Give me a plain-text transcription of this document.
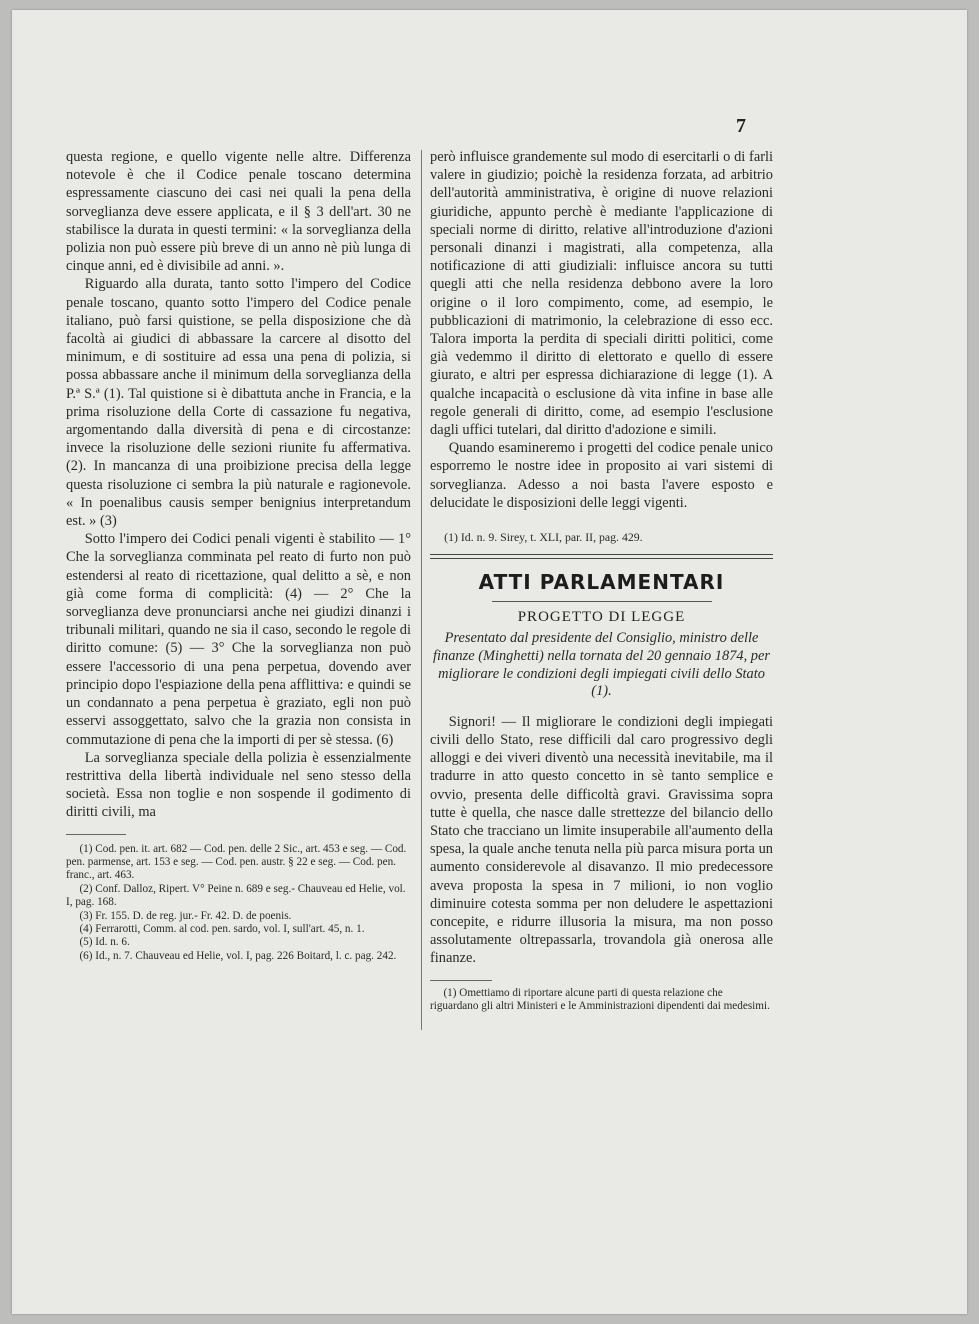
7

questa regione, e quello vigente nelle altre. Differenza notevole è che il Codice penale toscano determina espressamente ciascuno dei casi nei quali la pena della sorveglianza deve essere applicata, e il § 3 dell'art. 30 ne stabilisce la durata in questi termini: « la sorveglianza della polizia non può essere più breve di un anno nè più lunga di cinque anni, ed è divisibile ad anni. ».

Riguardo alla durata, tanto sotto l'impero del Codice penale toscano, quanto sotto l'impero del Codice penale italiano, può farsi quistione, se pella disposizione che dà facoltà ai giudici di abbassare la carcere al disotto del minimum, e di sostituire ad essa una pena di polizia, si possa abbassare anche il minimum della sorveglianza della P.ª S.ª (1). Tal quistione si è dibattuta anche in Francia, e la prima risoluzione della Corte di cassazione fu negativa, argomentando dalla diversità di pena e di circostanze: invece la risoluzione delle sezioni riunite fu affermativa. (2). In mancanza di una proibizione precisa della legge questa risoluzione ci sembra la più naturale e ragionevole. « In poenalibus causis semper benignius interpretandum est. » (3)

Sotto l'impero dei Codici penali vigenti è stabilito — 1° Che la sorveglianza comminata pel reato di furto non può estendersi al reato di ricettazione, qual delitto a sè, e non già come forma di complicità: (4) — 2° Che la sorveglianza deve pronunciarsi anche nei giudizi dinanzi i tribunali militari, quando ne sia il caso, secondo le regole di diritto comune: (5) — 3° Che la sorveglianza non può essere l'accessorio di una pena perpetua, dovendo aver principio dopo l'espiazione della pena afflittiva: e quindi se un condannato a pena perpetua è graziato, egli non può esservi assoggettato, salvo che la grazia non consista in commutazione di pena che la importi di per sè stessa. (6)

La sorveglianza speciale della polizia è essenzialmente restrittiva della libertà individuale nel seno stesso della società. Essa non toglie e non sospende il godimento di diritti civili, ma

(1) Cod. pen. it. art. 682 — Cod. pen. delle 2 Sic., art. 453 e seg. — Cod. pen. parmense, art. 153 e seg. — Cod. pen. austr. § 22 e seg. — Cod. pen. franc., art. 463.

(2) Conf. Dalloz, Ripert. V° Peine n. 689 e seg.- Chauveau ed Helie, vol. I, pag. 168.

(3) Fr. 155. D. de reg. jur.- Fr. 42. D. de poenis.

(4) Ferrarotti, Comm. al cod. pen. sardo, vol. I, sull'art. 45, n. 1.

(5) Id. n. 6.

(6) Id., n. 7. Chauveau ed Helie, vol. I, pag. 226 Boitard, l. c. pag. 242.

però influisce grandemente sul modo di esercitarli o di farli valere in giudizio; poichè la residenza forzata, ad arbitrio dell'autorità amministrativa, è origine di nuove relazioni giuridiche, appunto perchè è mediante l'applicazione di speciali norme di diritto, relative all'introduzione d'azioni personali dinanzi i magistrati, alla competenza, alla notificazione di atti giudiziali: influisce ancora su tutti quegli atti che nella residenza debbono avere la loro origine o il loro compimento, come, ad esempio, le pubblicazioni di matrimonio, la celebrazione di esso ecc. Talora importa la perdita di speciali diritti politici, come già vedemmo il diritto di elettorato e quello di essere giurato, e altri per espressa dichiarazione di legge (1). A qualche incapacità o esclusione dà vita infine in base alle regole generali di diritto, come, ad esempio l'esclusione dagli uffici tutelari, dal diritto d'adozione e simili.

Quando esamineremo i progetti del codice penale unico esporremo le nostre idee in proposito ai vari sistemi di sorveglianza. Adesso a noi basta l'avere esposto e delucidate le disposizioni delle leggi vigenti.

(1) Id. n. 9. Sirey, t. XLI, par. II, pag. 429.

ATTI PARLAMENTARI
PROGETTO DI LEGGE

Presentato dal presidente del Consiglio, ministro delle finanze (Minghetti) nella tornata del 20 gennaio 1874, per migliorare le condizioni degli impiegati civili dello Stato (1).

Signori! — Il migliorare le condizioni degli impiegati civili dello Stato, rese difficili dal caro progressivo degli alloggi e dei viveri diventò una necessità inevitabile, ma il tradurre in atto questo concetto in sè tanto semplice e ovvio, presenta delle difficoltà gravi. Gravissima sopra tutte è quella, che nasce dalle strettezze del bilancio dello Stato che tracciano un limite insuperabile all'aumento della spesa, la quale anche tenuta nella più parca misura porta un aumento considerevole al disavanzo. Il mio predecessore aveva proposta la spesa in 7 milioni, io non voglio diminuire cotesta somma per non deludere le aspettazioni concepite, e ridurre illusoria la misura, ma non posso assolutamente oltrepassarla, trovandola già onerosa alle finanze.

(1) Omettiamo di riportare alcune parti di questa relazione che riguardano gli altri Ministeri e le Amministrazioni dipendenti dai medesimi.
